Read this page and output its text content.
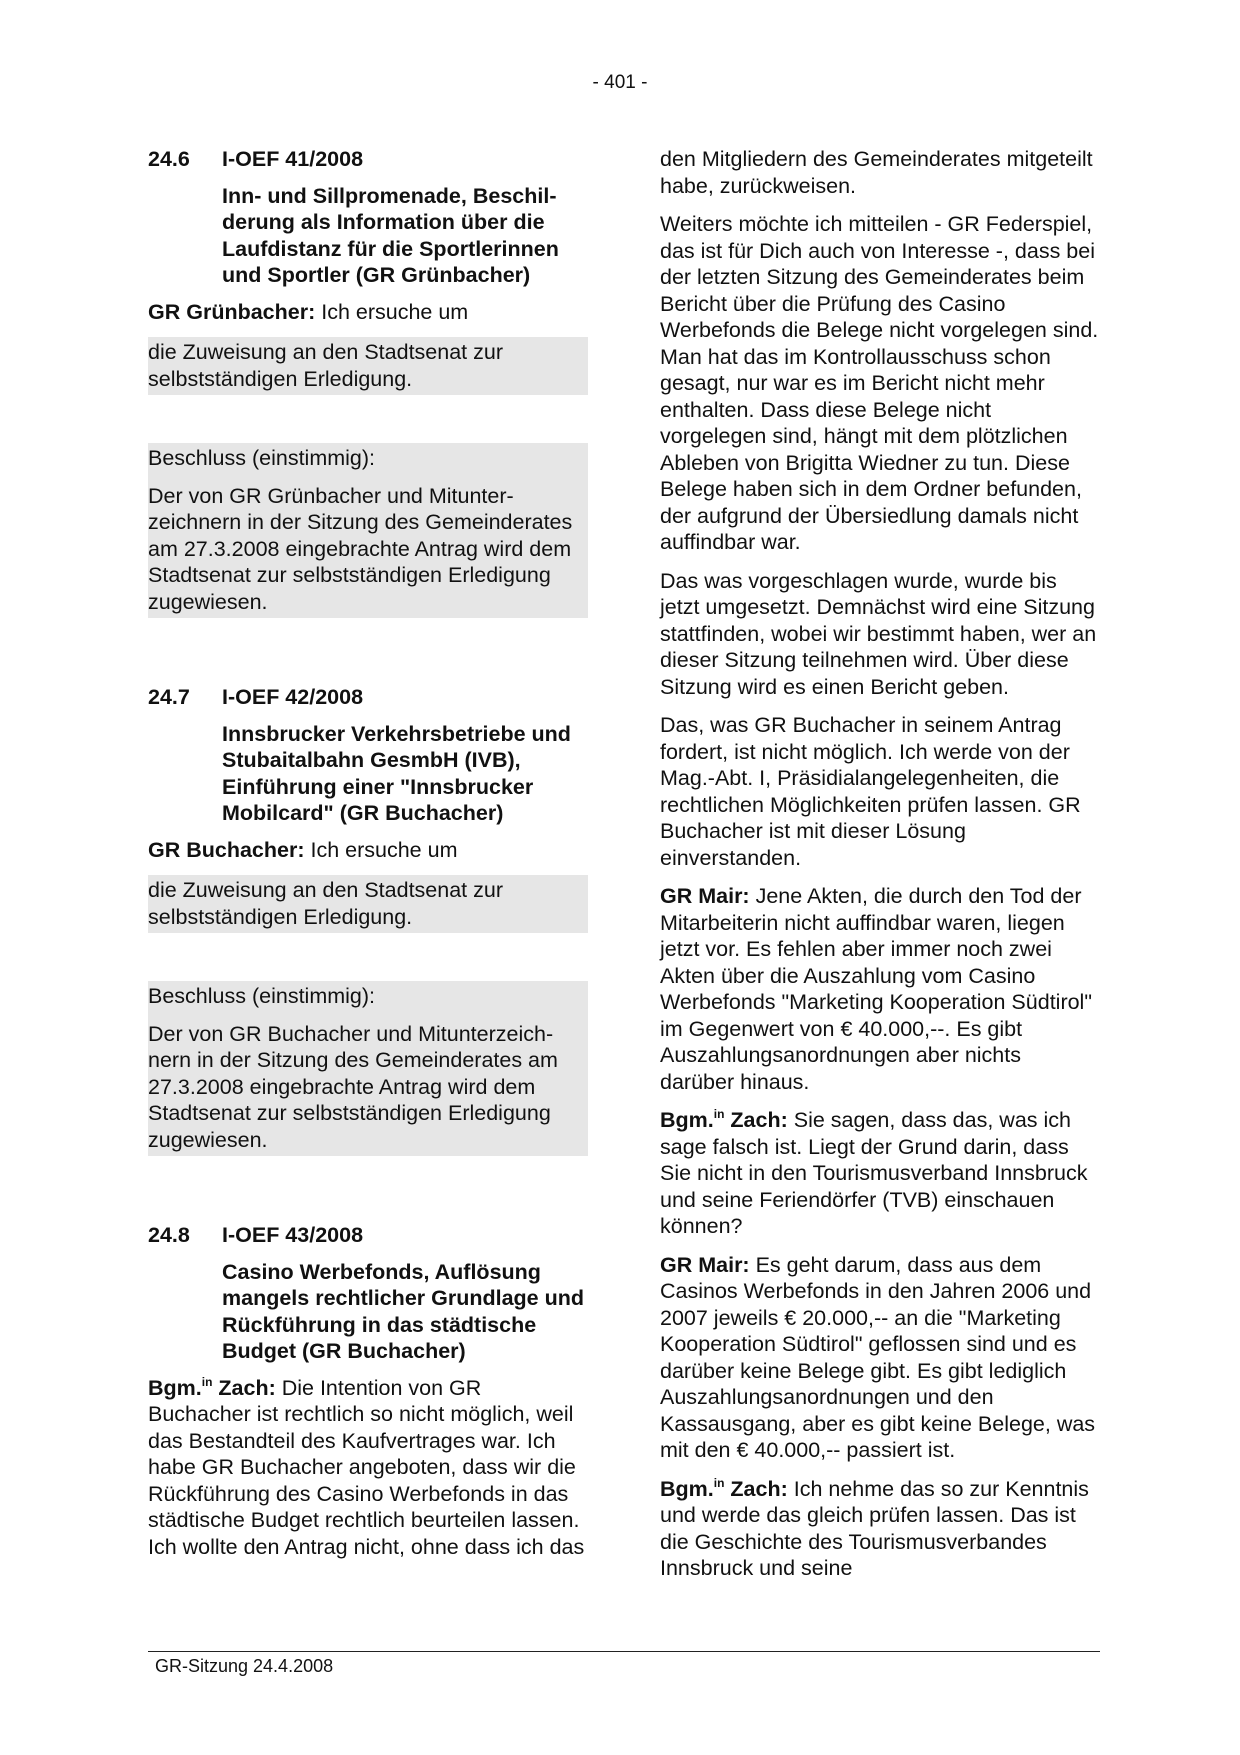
- 401 -
24.6	I-OEF 41/2008

Inn- und Sillpromenade, Beschilderung als Information über die Laufdistanz für die Sportlerinnen und Sportler (GR Grünbacher)

GR Grünbacher: Ich ersuche um

die Zuweisung an den Stadtsenat zur selbstständigen Erledigung.

Beschluss (einstimmig):

Der von GR Grünbacher und Mitunterzeichnern in der Sitzung des Gemeinderates am 27.3.2008 eingebrachte Antrag wird dem Stadtsenat zur selbstständigen Erledigung zugewiesen.

24.7	I-OEF 42/2008

Innsbrucker Verkehrsbetriebe und Stubaitalbahn GesmbH (IVB), Einführung einer "Innsbrucker Mobilcard" (GR Buchacher)

GR Buchacher: Ich ersuche um

die Zuweisung an den Stadtsenat zur selbstständigen Erledigung.

Beschluss (einstimmig):

Der von GR Buchacher und Mitunterzeichnern in der Sitzung des Gemeinderates am 27.3.2008 eingebrachte Antrag wird dem Stadtsenat zur selbstständigen Erledigung zugewiesen.

24.8	I-OEF 43/2008

Casino Werbefonds, Auflösung mangels rechtlicher Grundlage und Rückführung in das städtische Budget (GR Buchacher)

Bgm.$^{in}$ Zach: Die Intention von GR Buchacher ist rechtlich so nicht möglich, weil das Bestandteil des Kaufvertrages war. Ich habe GR Buchacher angeboten, dass wir die Rückführung des Casino Werbefonds in das städtische Budget rechtlich beurteilen lassen. Ich wollte den Antrag nicht, ohne dass ich das

den Mitgliedern des Gemeinderates mitgeteilt habe, zurückweisen.

Weiters möchte ich mitteilen - GR Federspiel, das ist für Dich auch von Interesse -, dass bei der letzten Sitzung des Gemeinderates beim Bericht über die Prüfung des Casino Werbefonds die Belege nicht vorgelegen sind. Man hat das im Kontrollausschuss schon gesagt, nur war es im Bericht nicht mehr enthalten. Dass diese Belege nicht vorgelegen sind, hängt mit dem plötzlichen Ableben von Brigitta Wiedner zu tun. Diese Belege haben sich in dem Ordner befunden, der aufgrund der Übersiedlung damals nicht auffindbar war.

Das was vorgeschlagen wurde, wurde bis jetzt umgesetzt. Demnächst wird eine Sitzung stattfinden, wobei wir bestimmt haben, wer an dieser Sitzung teilnehmen wird. Über diese Sitzung wird es einen Bericht geben.

Das, was GR Buchacher in seinem Antrag fordert, ist nicht möglich. Ich werde von der Mag.-Abt. I, Präsidialangelegenheiten, die rechtlichen Möglichkeiten prüfen lassen. GR Buchacher ist mit dieser Lösung einverstanden.

GR Mair: Jene Akten, die durch den Tod der Mitarbeiterin nicht auffindbar waren, liegen jetzt vor. Es fehlen aber immer noch zwei Akten über die Auszahlung vom Casino Werbefonds "Marketing Kooperation Südtirol" im Gegenwert von € 40.000,--. Es gibt Auszahlungsanordnungen aber nichts darüber hinaus.

Bgm.$^{in}$ Zach: Sie sagen, dass das, was ich sage falsch ist. Liegt der Grund darin, dass Sie nicht in den Tourismusverband Innsbruck und seine Feriendörfer (TVB) einschauen können?

GR Mair: Es geht darum, dass aus dem Casinos Werbefonds in den Jahren 2006 und 2007 jeweils € 20.000,-- an die "Marketing Kooperation Südtirol" geflossen sind und es darüber keine Belege gibt. Es gibt lediglich Auszahlungsanordnungen und den Kassausgang, aber es gibt keine Belege, was mit den € 40.000,-- passiert ist.

Bgm.$^{in}$ Zach: Ich nehme das so zur Kenntnis und werde das gleich prüfen lassen. Das ist die Geschichte des Tourismusverbandes Innsbruck und seine

GR-Sitzung 24.4.2008
